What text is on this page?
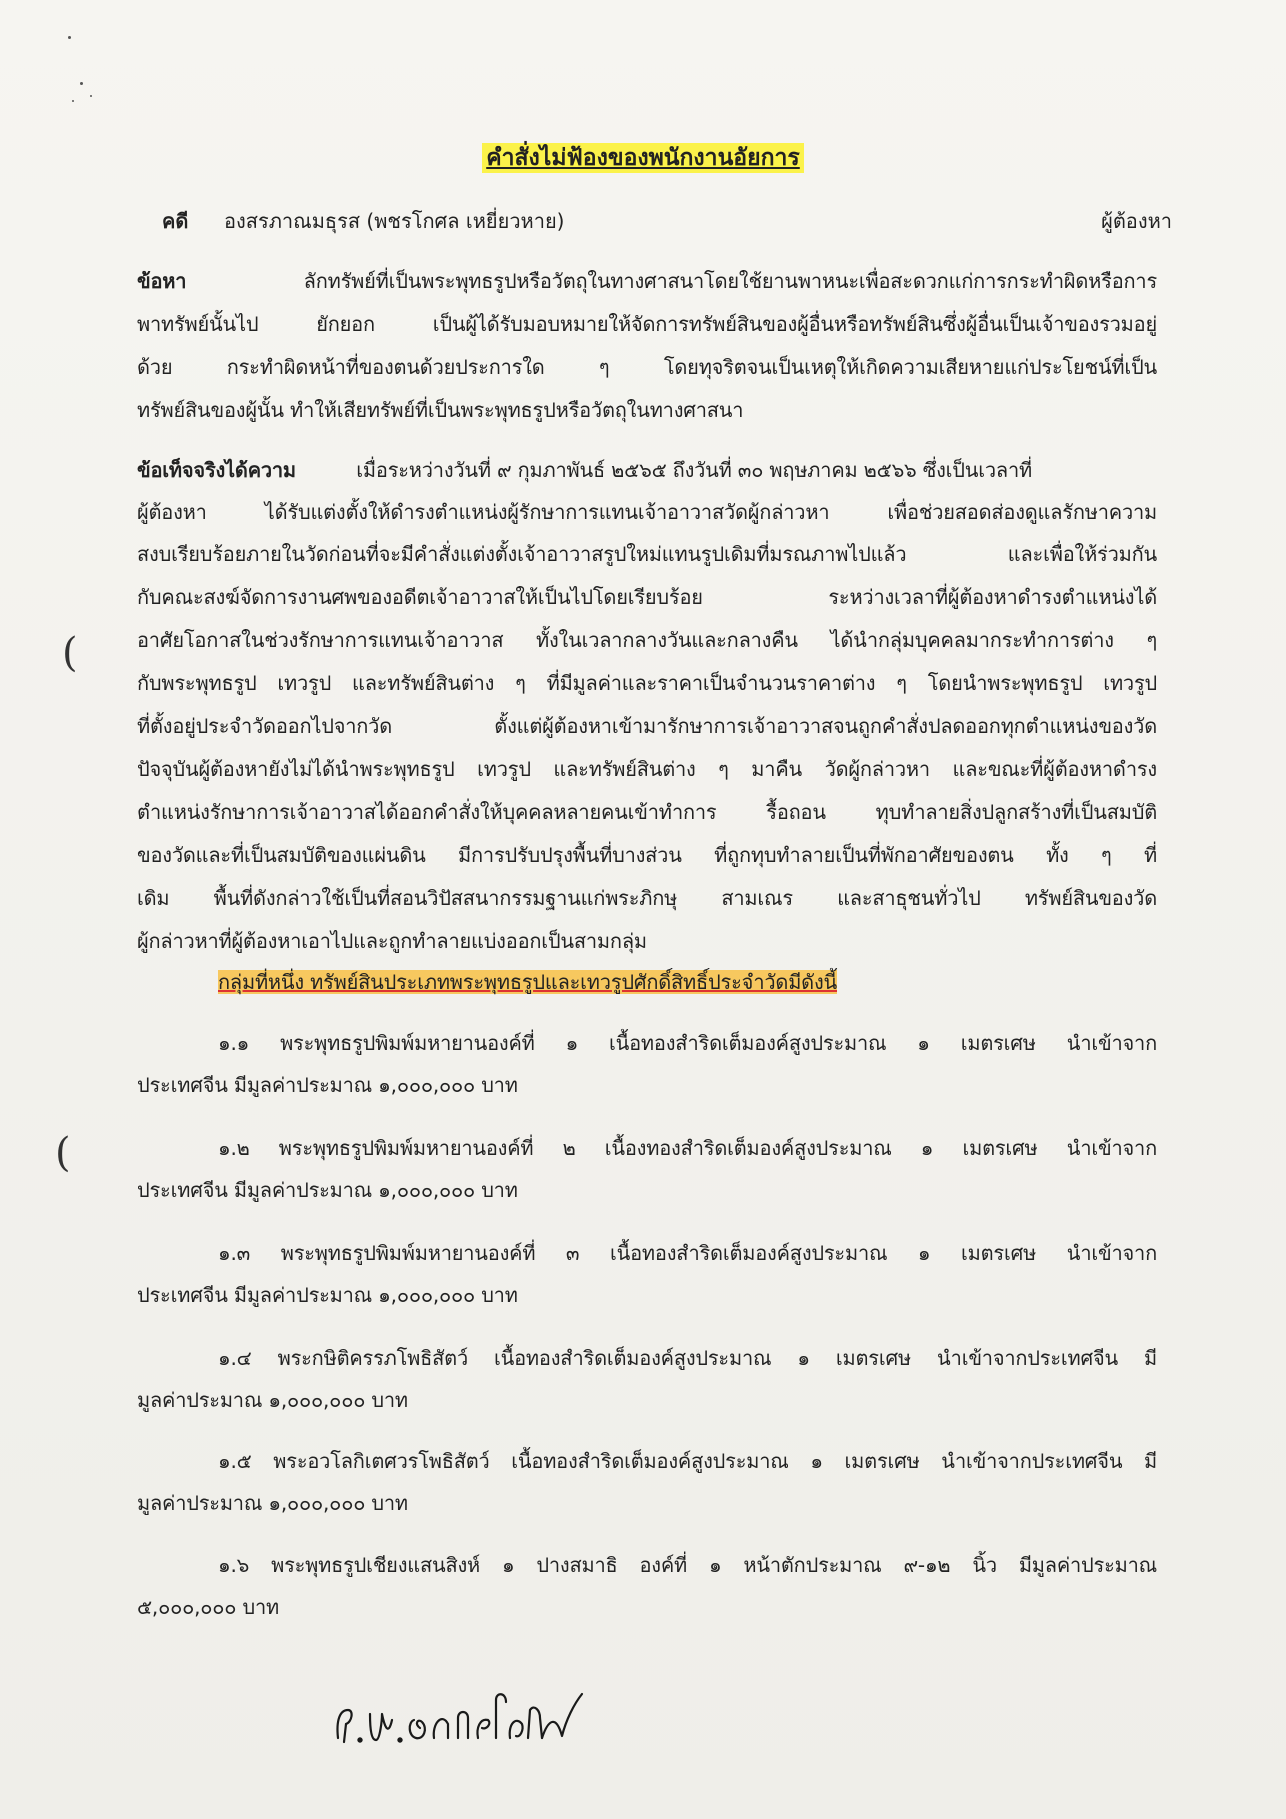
(
(
คำสั่งไม่ฟ้องของพนักงานอัยการ
คดี องสรภาณมธุรส (พชรโกศล เหยี่ยวหาย)	ผู้ต้องหา
ข้อหา	ลักทรัพย์ที่เป็นพระพุทธรูปหรือวัตถุในทางศาสนาโดยใช้ยานพาหนะเพื่อสะดวกแก่การกระทำผิดหรือการ
พาทรัพย์นั้นไป ยักยอก เป็นผู้ได้รับมอบหมายให้จัดการทรัพย์สินของผู้อื่นหรือทรัพย์สินซึ่งผู้อื่นเป็นเจ้าของรวมอยู่
ด้วย กระทำผิดหน้าที่ของตนด้วยประการใด ๆ โดยทุจริตจนเป็นเหตุให้เกิดความเสียหายแก่ประโยชน์ที่เป็น
ทรัพย์สินของผู้นั้น ทำให้เสียทรัพย์ที่เป็นพระพุทธรูปหรือวัตถุในทางศาสนา
ข้อเท็จจริงได้ความ	เมื่อระหว่างวันที่ ๙ กุมภาพันธ์ ๒๕๖๕ ถึงวันที่ ๓๐ พฤษภาคม ๒๕๖๖ ซึ่งเป็นเวลาที่
ผู้ต้องหา ได้รับแต่งตั้งให้ดำรงตำแหน่งผู้รักษาการแทนเจ้าอาวาสวัดผู้กล่าวหา เพื่อช่วยสอดส่องดูแลรักษาความ
สงบเรียบร้อยภายในวัดก่อนที่จะมีคำสั่งแต่งตั้งเจ้าอาวาสรูปใหม่แทนรูปเดิมที่มรณภาพไปแล้ว และเพื่อให้ร่วมกัน
กับคณะสงฆ์จัดการงานศพของอดีตเจ้าอาวาสให้เป็นไปโดยเรียบร้อย ระหว่างเวลาที่ผู้ต้องหาดำรงตำแหน่งได้
อาศัยโอกาสในช่วงรักษาการแทนเจ้าอาวาส ทั้งในเวลากลางวันและกลางคืน ได้นำกลุ่มบุคคลมากระทำการต่าง ๆ
กับพระพุทธรูป เทวรูป และทรัพย์สินต่าง ๆ ที่มีมูลค่าและราคาเป็นจำนวนราคาต่าง ๆ โดยนำพระพุทธรูป เทวรูป
ที่ตั้งอยู่ประจำวัดออกไปจากวัด ตั้งแต่ผู้ต้องหาเข้ามารักษาการเจ้าอาวาสจนถูกคำสั่งปลดออกทุกตำแหน่งของวัด
ปัจจุบันผู้ต้องหายังไม่ได้นำพระพุทธรูป เทวรูป และทรัพย์สินต่าง ๆ มาคืน วัดผู้กล่าวหา และขณะที่ผู้ต้องหาดำรง
ตำแหน่งรักษาการเจ้าอาวาสได้ออกคำสั่งให้บุคคลหลายคนเข้าทำการ รื้อถอน ทุบทำลายสิ่งปลูกสร้างที่เป็นสมบัติ
ของวัดและที่เป็นสมบัติของแผ่นดิน มีการปรับปรุงพื้นที่บางส่วน ที่ถูกทุบทำลายเป็นที่พักอาศัยของตน ทั้ง ๆ ที่
เดิม พื้นที่ดังกล่าวใช้เป็นที่สอนวิปัสสนากรรมฐานแก่พระภิกษุ สามเณร และสาธุชนทั่วไป ทรัพย์สินของวัด
ผู้กล่าวหาที่ผู้ต้องหาเอาไปและถูกทำลายแบ่งออกเป็นสามกลุ่ม
กลุ่มที่หนึ่ง ทรัพย์สินประเภทพระพุทธรูปและเทวรูปศักดิ์สิทธิ์ประจำวัดมีดังนี้
๑.๑ พระพุทธรูปพิมพ์มหายานองค์ที่ ๑ เนื้อทองสำริดเต็มองค์สูงประมาณ ๑ เมตรเศษ นำเข้าจาก
ประเทศจีน มีมูลค่าประมาณ ๑,๐๐๐,๐๐๐ บาท
๑.๒ พระพุทธรูปพิมพ์มหายานองค์ที่ ๒ เนื้องทองสำริดเต็มองค์สูงประมาณ ๑ เมตรเศษ นำเข้าจาก
ประเทศจีน มีมูลค่าประมาณ ๑,๐๐๐,๐๐๐ บาท
๑.๓ พระพุทธรูปพิมพ์มหายานองค์ที่ ๓ เนื้อทองสำริดเต็มองค์สูงประมาณ ๑ เมตรเศษ นำเข้าจาก
ประเทศจีน มีมูลค่าประมาณ ๑,๐๐๐,๐๐๐ บาท
๑.๔ พระกษิติครรภโพธิสัตว์ เนื้อทองสำริดเต็มองค์สูงประมาณ ๑ เมตรเศษ นำเข้าจากประเทศจีน มี
มูลค่าประมาณ ๑,๐๐๐,๐๐๐ บาท
๑.๕ พระอวโลกิเตศวรโพธิสัตว์ เนื้อทองสำริดเต็มองค์สูงประมาณ ๑ เมตรเศษ นำเข้าจากประเทศจีน มี
มูลค่าประมาณ ๑,๐๐๐,๐๐๐ บาท
๑.๖ พระพุทธรูปเชียงแสนสิงห์ ๑ ปางสมาธิ องค์ที่ ๑ หน้าตักประมาณ ๙-๑๒ นิ้ว มีมูลค่าประมาณ
๕,๐๐๐,๐๐๐ บาท
